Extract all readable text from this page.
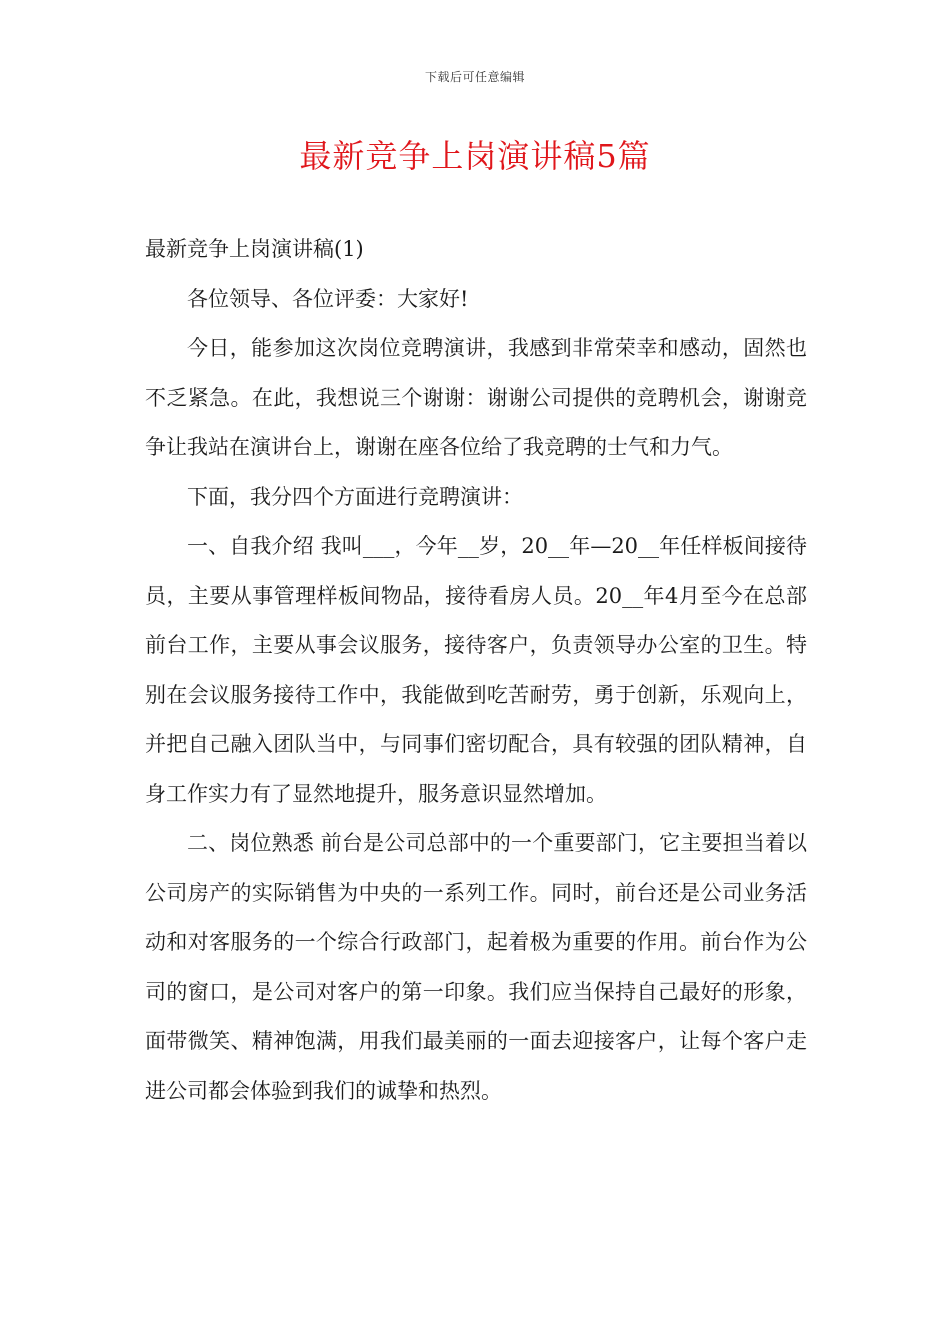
下载后可任意编辑
最新竞争上岗演讲稿5篇

最新竞争上岗演讲稿(1)

各位领导、各位评委：大家好!

今日，能参加这次岗位竞聘演讲，我感到非常荣幸和感动，固然也不乏紧急。在此，我想说三个谢谢：谢谢公司提供的竞聘机会，谢谢竞争让我站在演讲台上，谢谢在座各位给了我竞聘的士气和力气。

下面，我分四个方面进行竞聘演讲：

一、自我介绍 我叫___，今年__岁，20__年—20__年任样板间接待员，主要从事管理样板间物品，接待看房人员。20__年4月至今在总部前台工作，主要从事会议服务，接待客户，负责领导办公室的卫生。特别在会议服务接待工作中，我能做到吃苦耐劳，勇于创新，乐观向上，并把自己融入团队当中，与同事们密切配合，具有较强的团队精神，自身工作实力有了显然地提升，服务意识显然增加。

二、岗位熟悉 前台是公司总部中的一个重要部门，它主要担当着以公司房产的实际销售为中央的一系列工作。同时，前台还是公司业务活动和对客服务的一个综合行政部门，起着极为重要的作用。前台作为公司的窗口，是公司对客户的第一印象。我们应当保持自己最好的形象，面带微笑、精神饱满，用我们最美丽的一面去迎接客户，让每个客户走进公司都会体验到我们的诚挚和热烈。
